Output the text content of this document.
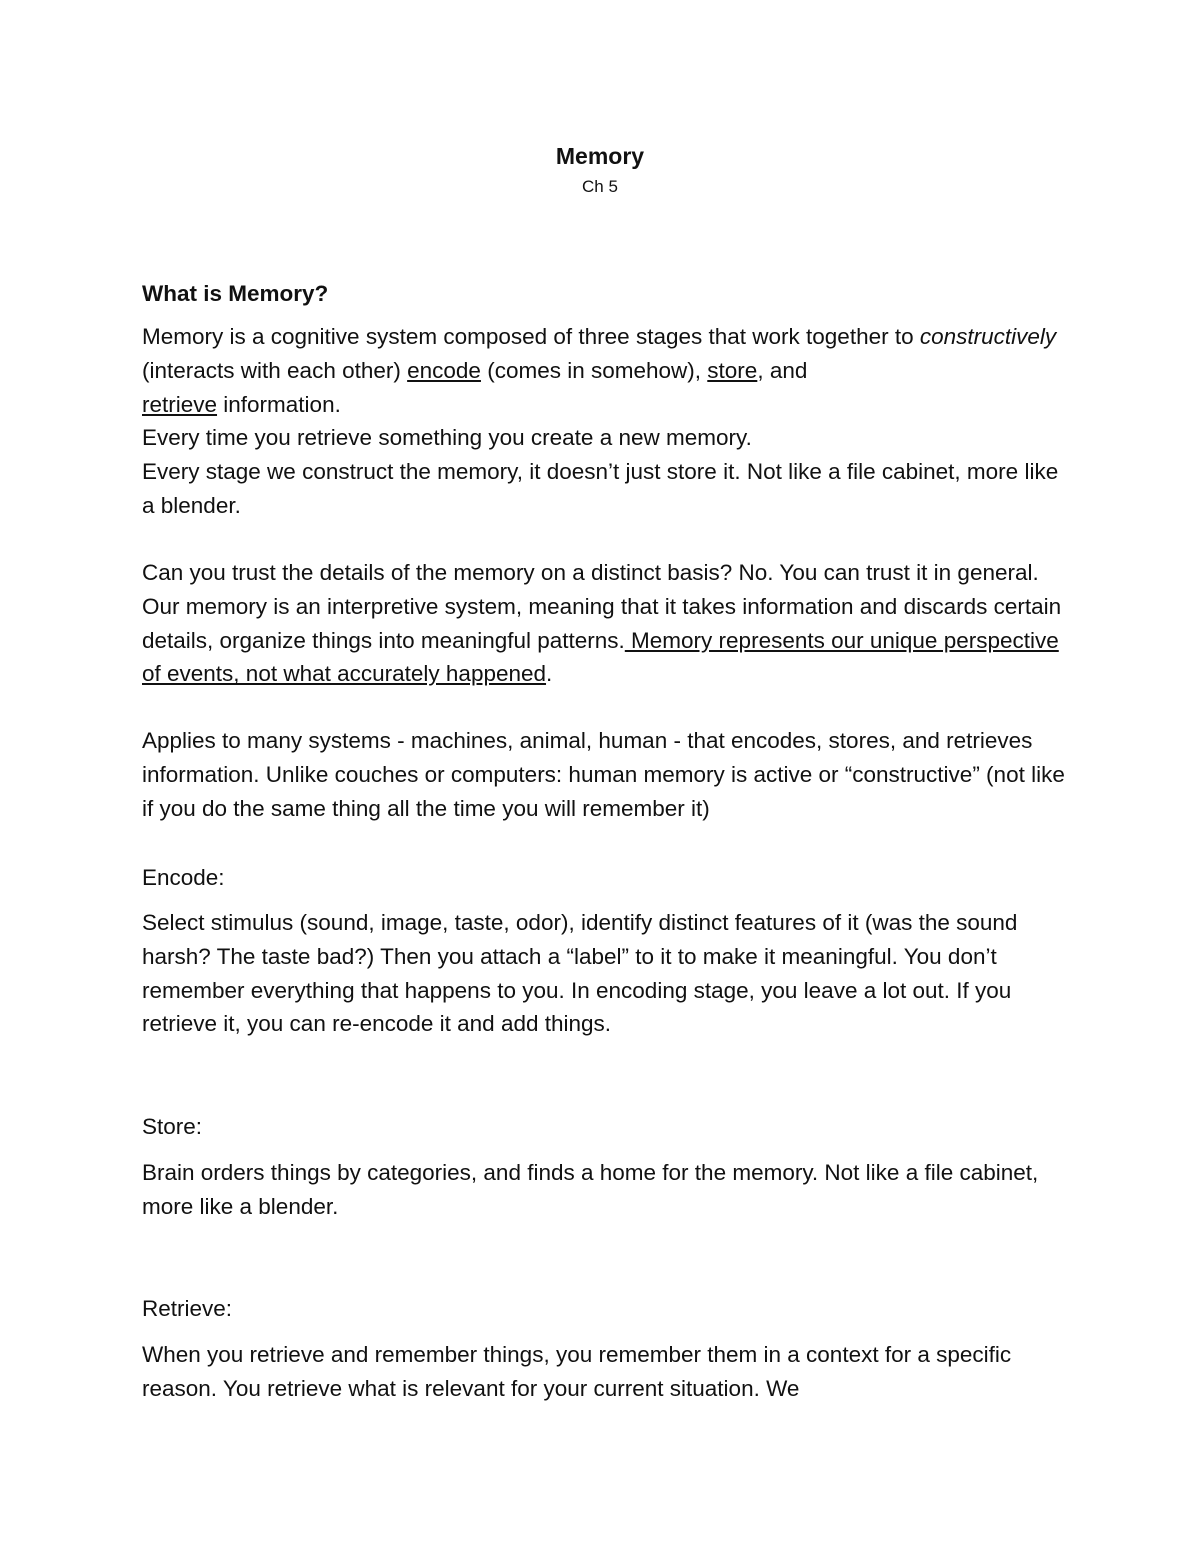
Memory
Ch 5

What is Memory?

Memory is a cognitive system composed of three stages that work together to constructively (interacts with each other) encode (comes in somehow), store, and
retrieve information.
Every time you retrieve something you create a new memory.
Every stage we construct the memory, it doesn’t just store it. Not like a file cabinet, more like a blender.

Can you trust the details of the memory on a distinct basis? No. You can trust it in general. Our memory is an interpretive system, meaning that it takes information and discards certain details, organize things into meaningful patterns. Memory represents our unique perspective of events, not what accurately happened.

Applies to many systems - machines, animal, human - that encodes, stores, and retrieves information. Unlike couches or computers: human memory is active or “constructive” (not like if you do the same thing all the time you will remember it)

Encode:

Select stimulus (sound, image, taste, odor), identify distinct features of it (was the sound harsh? The taste bad?) Then you attach a “label” to it to make it meaningful. You don’t remember everything that happens to you. In encoding stage, you leave a lot out. If you retrieve it, you can re-encode it and add things.

Store:

Brain orders things by categories, and finds a home for the memory. Not like a file cabinet, more like a blender.

Retrieve:

When you retrieve and remember things, you remember them in a context for a specific reason. You retrieve what is relevant for your current situation. We
